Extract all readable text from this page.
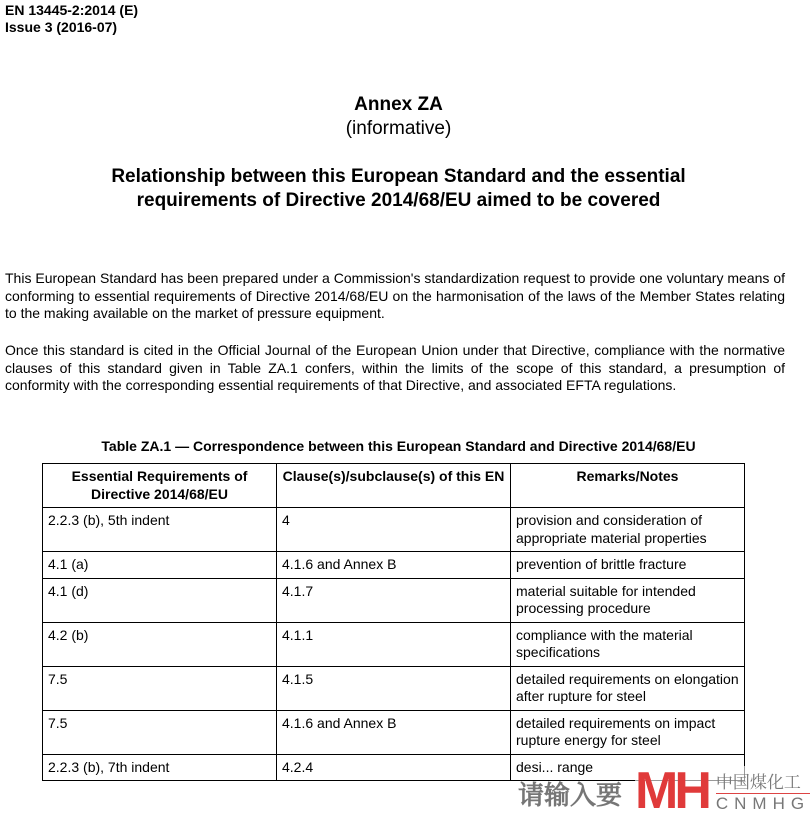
EN 13445-2:2014 (E)
Issue 3 (2016-07)
Annex ZA
(informative)
Relationship between this European Standard and the essential
requirements of Directive 2014/68/EU aimed to be covered
This European Standard has been prepared under a Commission's standardization request to provide one voluntary means of conforming to essential requirements of Directive 2014/68/EU on the harmonisation of the laws of the Member States relating to the making available on the market of pressure equipment.
Once this standard is cited in the Official Journal of the European Union under that Directive, compliance with the normative clauses of this standard given in Table ZA.1 confers, within the limits of the scope of this standard, a presumption of conformity with the corresponding essential requirements of that Directive, and associated EFTA regulations.
Table ZA.1 — Correspondence between this European Standard and Directive 2014/68/EU
Essential Requirements of Directive 2014/68/EU	Clause(s)/subclause(s) of this EN	Remarks/Notes
2.2.3 (b), 5th indent	4	provision and consideration of appropriate material properties
4.1 (a)	4.1.6 and Annex B	prevention of brittle fracture
4.1 (d)	4.1.7	material suitable for intended processing procedure
4.2 (b)	4.1.1	compliance with the material specifications
7.5	4.1.5	detailed requirements on elongation after rupture for steel
7.5	4.1.6 and Annex B	detailed requirements on impact rupture energy for steel
2.2.3 (b), 7th indent	4.2.4	desi... range
请输入要 MH 中国煤化工
CNMHG
